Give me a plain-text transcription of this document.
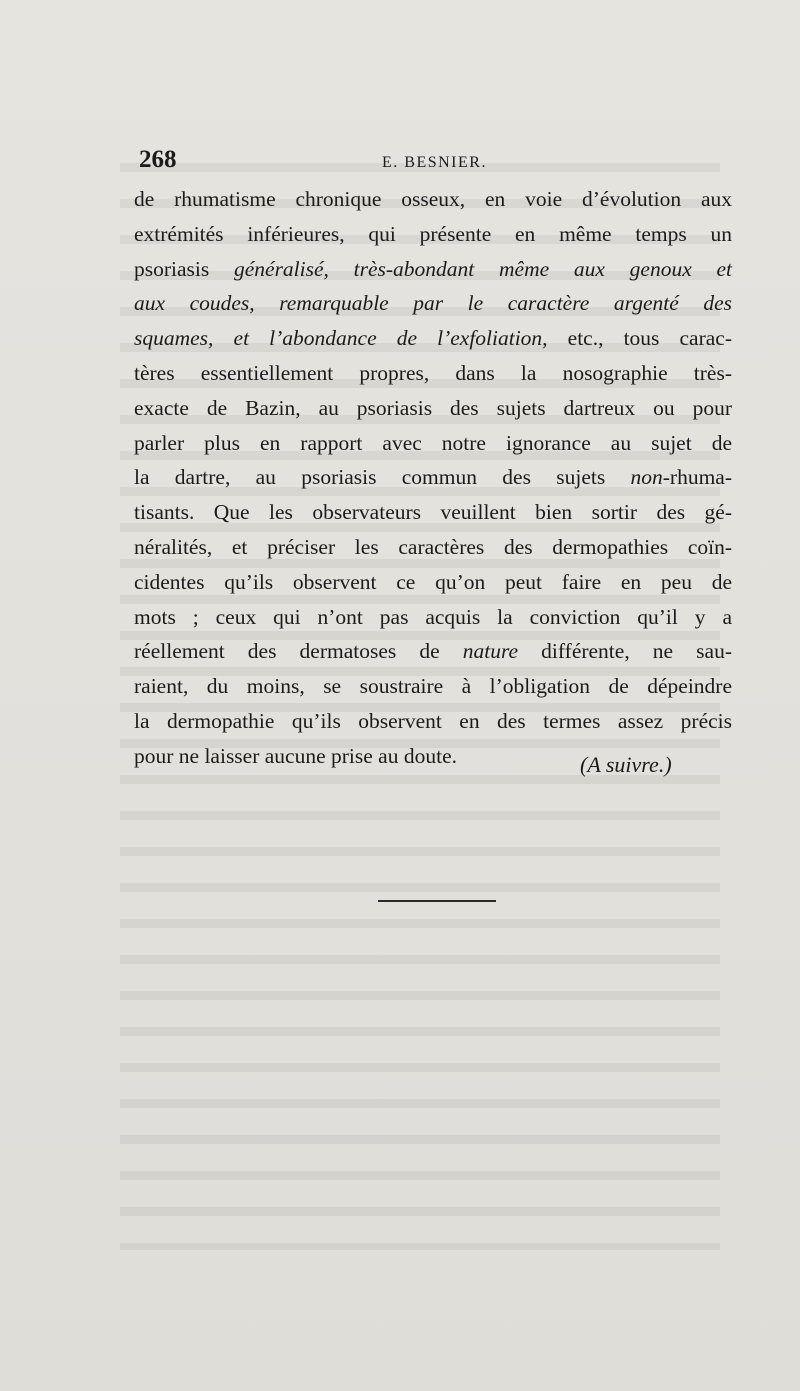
268	E. BESNIER.
de rhumatisme chronique osseux, en voie d’évolution aux
extrémités inférieures, qui présente en même temps un
psoriasis généralisé, très-abondant même aux genoux et
aux coudes, remarquable par le caractère argenté des
squames, et l’abondance de l’exfoliation, etc., tous carac-
tères essentiellement propres, dans la nosographie très-
exacte de Bazin, au psoriasis des sujets dartreux ou pour
parler plus en rapport avec notre ignorance au sujet de
la dartre, au psoriasis commun des sujets non-rhuma-
tisants. Que les observateurs veuillent bien sortir des gé-
néralités, et préciser les caractères des dermopathies coïn-
cidentes qu’ils observent ce qu’on peut faire en peu de
mots ; ceux qui n’ont pas acquis la conviction qu’il y a
réellement des dermatoses de nature différente, ne sau-
raient, du moins, se soustraire à l’obligation de dépeindre
la dermopathie qu’ils observent en des termes assez précis
pour ne laisser aucune prise au doute.	(A suivre.)
